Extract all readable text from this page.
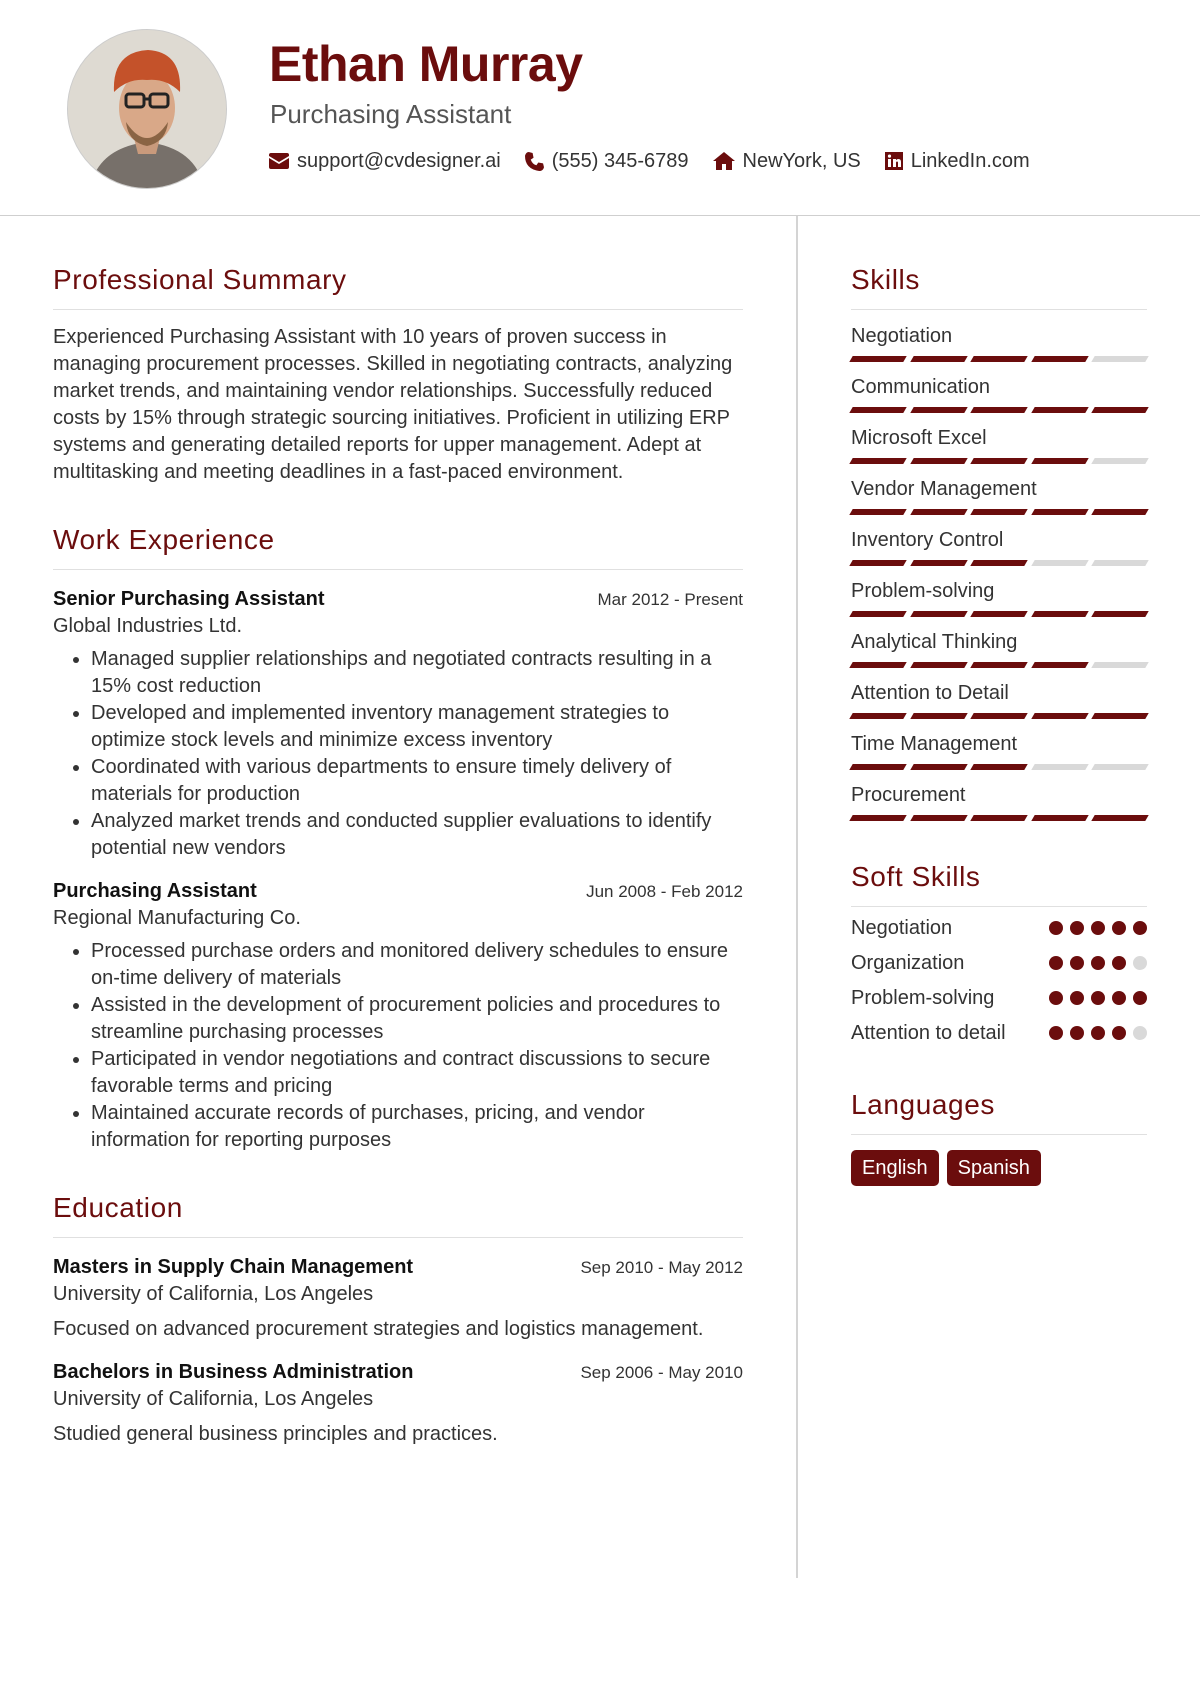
Ethan Murray
Purchasing Assistant
support@cvdesigner.ai	(555) 345-6789	NewYork, US	LinkedIn.com
Professional Summary

Experienced Purchasing Assistant with 10 years of proven success in managing procurement processes. Skilled in negotiating contracts, analyzing market trends, and maintaining vendor relationships. Successfully reduced costs by 15% through strategic sourcing initiatives. Proficient in utilizing ERP systems and generating detailed reports for upper management. Adept at multitasking and meeting deadlines in a fast-paced environment.

Work Experience
Senior Purchasing Assistant	Mar 2012 - Present
Global Industries Ltd.
• Managed supplier relationships and negotiated contracts resulting in a 15% cost reduction
• Developed and implemented inventory management strategies to optimize stock levels and minimize excess inventory
• Coordinated with various departments to ensure timely delivery of materials for production
• Analyzed market trends and conducted supplier evaluations to identify potential new vendors
Purchasing Assistant	Jun 2008 - Feb 2012
Regional Manufacturing Co.
• Processed purchase orders and monitored delivery schedules to ensure on-time delivery of materials
• Assisted in the development of procurement policies and procedures to streamline purchasing processes
• Participated in vendor negotiations and contract discussions to secure favorable terms and pricing
• Maintained accurate records of purchases, pricing, and vendor information for reporting purposes
Education
Masters in Supply Chain Management	Sep 2010 - May 2012
University of California, Los Angeles
Focused on advanced procurement strategies and logistics management.
Bachelors in Business Administration	Sep 2006 - May 2010
University of California, Los Angeles
Studied general business principles and practices.
Skills
Negotiation
Communication
Microsoft Excel
Vendor Management
Inventory Control
Problem-solving
Analytical Thinking
Attention to Detail
Time Management
Procurement
Soft Skills
Negotiation
Organization
Problem-solving
Attention to detail
Languages
English	Spanish
